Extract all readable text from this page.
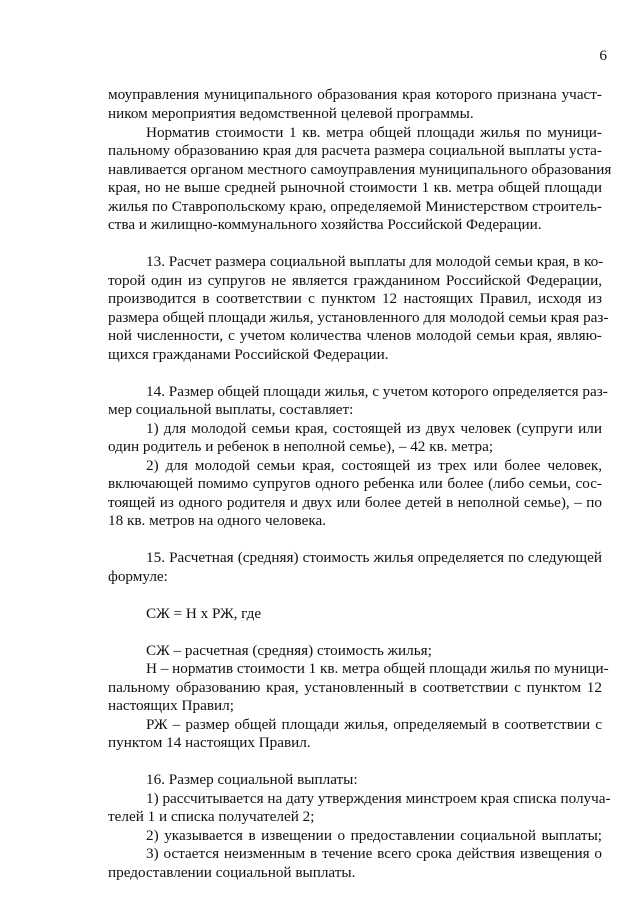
6
моуправления муниципального образования края которого признана участ-
ником мероприятия ведомственной целевой программы.
Норматив стоимости 1 кв. метра общей площади жилья по муници-
пальному образованию края для расчета размера социальной выплаты уста-
навливается органом местного самоуправления муниципального образования
края, но не выше средней рыночной стоимости 1 кв. метра общей площади
жилья по Ставропольскому краю, определяемой Министерством строитель-
ства и жилищно-коммунального хозяйства Российской Федерации.
13. Расчет размера социальной выплаты для молодой семьи края, в ко-
торой один из супругов не является гражданином Российской Федерации,
производится в соответствии с пунктом 12 настоящих Правил, исходя из
размера общей площади жилья, установленного для молодой семьи края раз-
ной численности, с учетом количества членов молодой семьи края, являю-
щихся гражданами Российской Федерации.
14. Размер общей площади жилья, с учетом которого определяется раз-
мер социальной выплаты, составляет:
1) для молодой семьи края, состоящей из двух человек (супруги или
один родитель и ребенок в неполной семье), – 42 кв. метра;
2) для молодой семьи края, состоящей из трех или более человек,
включающей помимо супругов одного ребенка или более (либо семьи, сос-
тоящей из одного родителя и двух или более детей в неполной семье), – по
18 кв. метров на одного человека.
15. Расчетная (средняя) стоимость жилья определяется по следующей
формуле:
СЖ = Н х РЖ, где
СЖ – расчетная (средняя) стоимость жилья;
Н – норматив стоимости 1 кв. метра общей площади жилья по муници-
пальному образованию края, установленный в соответствии с пунктом 12
настоящих Правил;
РЖ – размер общей площади жилья, определяемый в соответствии с
пунктом 14 настоящих Правил.
16. Размер социальной выплаты:
1) рассчитывается на дату утверждения минстроем края списка получа-
телей 1 и списка получателей 2;
2) указывается в извещении о предоставлении социальной выплаты;
3) остается неизменным в течение всего срока действия извещения о
предоставлении социальной выплаты.
